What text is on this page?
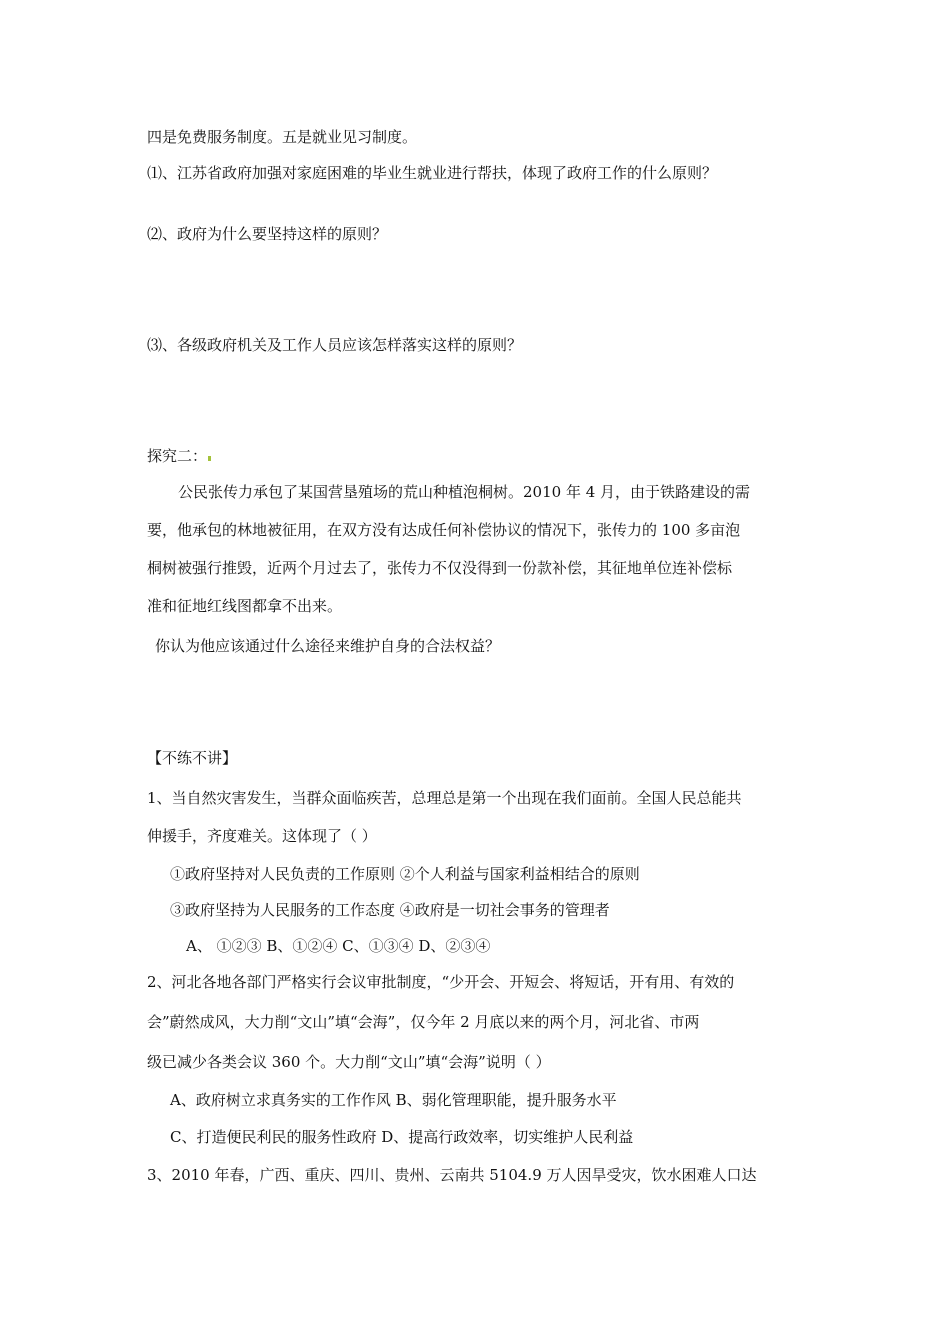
四是免费服务制度。五是就业见习制度。
⑴、江苏省政府加强对家庭困难的毕业生就业进行帮扶，体现了政府工作的什么原则？
⑵、政府为什么要坚持这样的原则？
⑶、各级政府机关及工作人员应该怎样落实这样的原则？
探究二：
公民张传力承包了某国营垦殖场的荒山种植泡桐树。2010 年 4 月，由于铁路建设的需
要，他承包的林地被征用，在双方没有达成任何补偿协议的情况下，张传力的 100 多亩泡
桐树被强行推毁，近两个月过去了，张传力不仅没得到一份款补偿，其征地单位连补偿标
准和征地红线图都拿不出来。
你认为他应该通过什么途径来维护自身的合法权益？
【不练不讲】
1、当自然灾害发生，当群众面临疾苦，总理总是第一个出现在我们面前。全国人民总能共
伸援手，齐度难关。这体现了（ ）
①政府坚持对人民负责的工作原则 ②个人利益与国家利益相结合的原则
③政府坚持为人民服务的工作态度 ④政府是一切社会事务的管理者
A、 ①②③ B、①②④ C、①③④ D、②③④
2、河北各地各部门严格实行会议审批制度，“少开会、开短会、将短话，开有用、有效的
会”蔚然成风，大力削“文山”填“会海”，仅今年 2 月底以来的两个月，河北省、市两
级已减少各类会议 360 个。大力削“文山”填“会海”说明（ ）
A、政府树立求真务实的工作作风 B、弱化管理职能，提升服务水平
C、打造便民利民的服务性政府 D、提高行政效率，切实维护人民利益
3、2010 年春，广西、重庆、四川、贵州、云南共 5104.9 万人因旱受灾，饮水困难人口达
